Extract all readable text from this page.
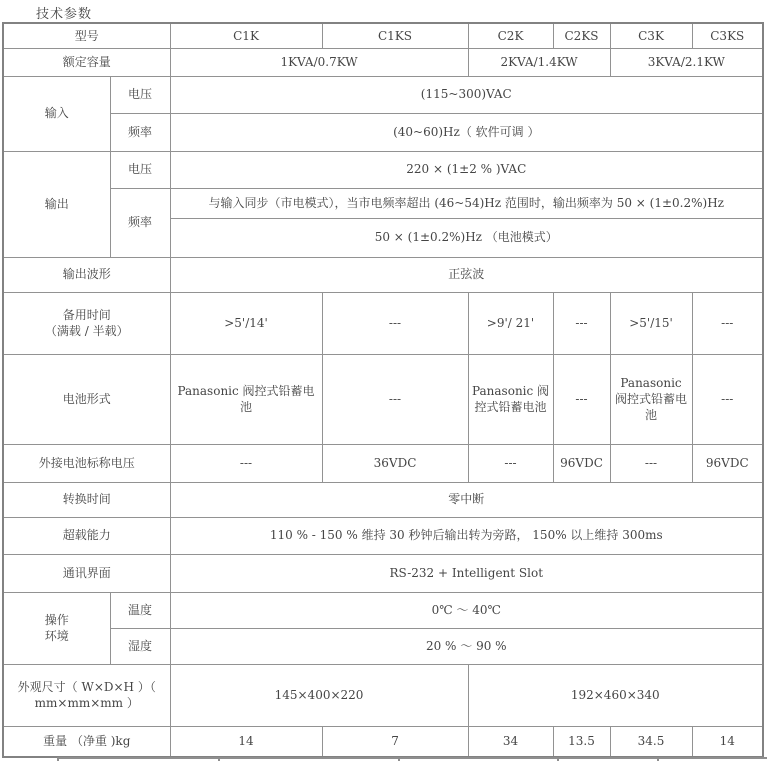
技术参数
型号		C1K	C1KS	C2K	C2KS	C3K	C3KS
额定容量		1KVA/0.7KW		2KVA/1.4KW		3KVA/2.1KW	
输入	电压	(115~300)VAC					
	频率	(40~60)Hz（ 软件可调 ）					
输出	电压	220 × (1±2 % )VAC					
	频率	与输入同步（市电模式），当市电频率超出 (46~54)Hz 范围时，输出频率为 50 × (1±0.2%)Hz					
		50 × (1±0.2%)Hz （电池模式）					
输出波形		正弦波					

备用时间
（满载 / 半载）		>5'/14'	---	>9'/ 21'	---	>5'/15'	---
电池形式		Panasonic 阀控式铅蓄电池	---	Panasonic 阀控式铅蓄电池	---	Panasonic 阀控式铅蓄电池	---
外接电池标称电压		---	36VDC	---	96VDC	---	96VDC
转换时间		零中断					
超载能力		110 % - 150 % 维持 30 秒钟后输出转为旁路， 150% 以上维持 300ms					
通讯界面		RS-232 + Intelligent Slot					

操作
环境	温度	0℃ ～ 40℃					
	湿度	20 % ～ 90 %					

外观尺寸（ W×D×H ）（
mm×mm×mm ）		145×400×220		192×460×340			
重量 （净重 )kg		14	7	34	13.5	34.5	14
